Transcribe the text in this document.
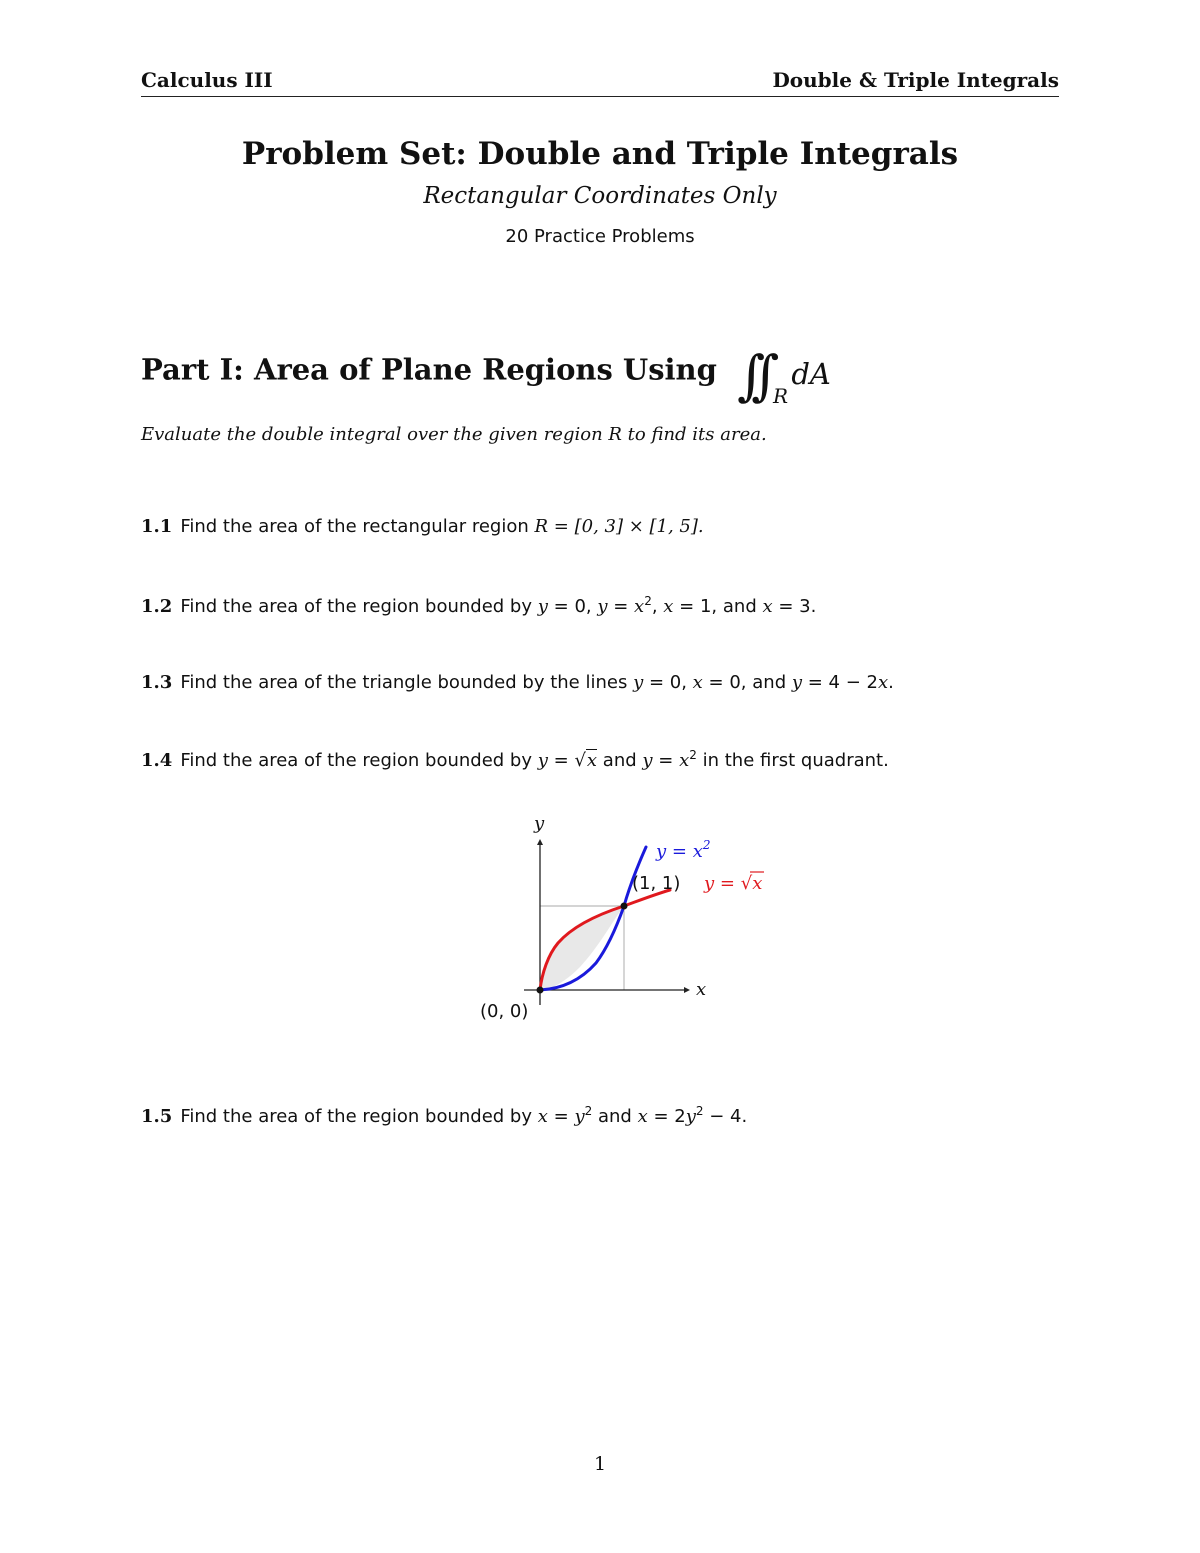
Calculus III	Double & Triple Integrals
Problem Set: Double and Triple Integrals
Rectangular Coordinates Only
20 Practice Problems
Part I: Area of Plane Regions Using ∫∫ R
dA
Evaluate the double integral over the given region R to find its area.
1.1 Find the area of the rectangular region R = [0, 3] × [1, 5].
1.2 Find the area of the region bounded by y = 0, $y = x^2$, x = 1, and x = 3.
1.3 Find the area of the triangle bounded by the lines y = 0, x = 0, and y = 4 − 2x.
1.4 Find the area of the region bounded by y = √x and $y = x^2$ in the first quadrant.
y
x
(0, 0)
(1, 1)
$y = x^2$
y = √x
1.5 Find the area of the region bounded by $x = y^2$ and $x = 2y^2 - 4$.
1
